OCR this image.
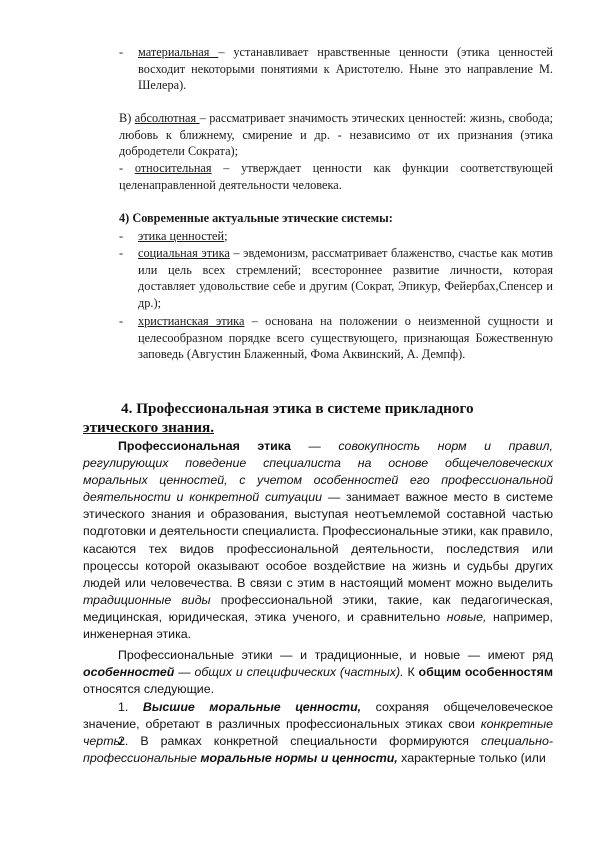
- материальная – устанавливает нравственные ценности (этика ценностей восходит некоторыми понятиями к Аристотелю. Ныне это направление М. Шелера).
В) абсолютная – рассматривает значимость этических ценностей: жизнь, свобода; любовь к ближнему, смирение и др. - независимо от их признания (этика добродетели Сократа);
- относительная – утверждает ценности как функции соответствующей целенаправленной деятельности человека.
4) Современные актуальные этические системы:
- этика ценностей;
- социальная этика – эвдемонизм, рассматривает блаженство, счастье как мотив или цель всех стремлений; всестороннее развитие личности, которая доставляет удовольствие себе и другим (Сократ, Эпикур, Фейербах,Спенсер и др.);
- христианская этика – основана на положении о неизменной сущности и целесообразном порядке всего существующего, признающая Божественную заповедь (Августин Блаженный, Фома Аквинский, А. Демпф).
4. Профессиональная этика в системе прикладного
этического знания.

Профессиональная этика — совокупность норм и правил, регулирующих поведение специалиста на основе общечеловеческих моральных ценностей, с учетом особенностей его профессиональной деятельности и конкретной ситуации — занимает важное место в системе этического знания и образования, выступая неотъемлемой составной частью подготовки и деятельности специалиста. Профессиональные этики, как правило, касаются тех видов профессиональной деятельности, последствия или процессы которой оказывают особое воздействие на жизнь и судьбы других людей или человечества. В связи с этим в настоящий момент можно выделить традиционные виды профессиональной этики, такие, как педагогическая, медицинская, юридическая, этика ученого, и сравнительно новые, например, инженерная этика.

Профессиональные этики — и традиционные, и новые — имеют ряд особенностей — общих и специфических (частных). К общим особенностям относятся следующие.

1. Высшие моральные ценности, сохраняя общечеловеческое значение, обретают в различных профессиональных этиках свои конкретные черты.

2. В рамках конкретной специальности формируются специально-профессиональные моральные нормы и ценности, характерные только (или
